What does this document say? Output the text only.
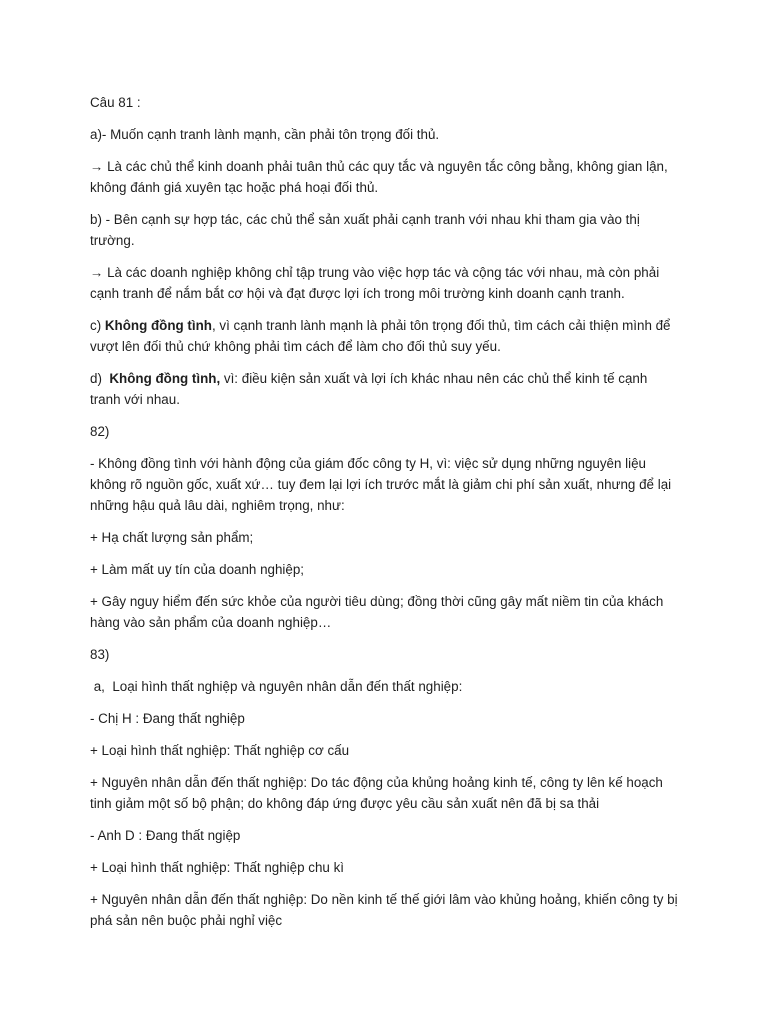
Câu 81 :

a)- Muốn cạnh tranh lành mạnh, cần phải tôn trọng đối thủ.

→ Là các chủ thể kinh doanh phải tuân thủ các quy tắc và nguyên tắc công bằng, không gian lận, không đánh giá xuyên tạc hoặc phá hoại đối thủ.

b) - Bên cạnh sự hợp tác, các chủ thể sản xuất phải cạnh tranh với nhau khi tham gia vào thị trường.

→ Là các doanh nghiệp không chỉ tập trung vào việc hợp tác và cộng tác với nhau, mà còn phải cạnh tranh để nắm bắt cơ hội và đạt được lợi ích trong môi trường kinh doanh cạnh tranh.

c) Không đồng tình, vì cạnh tranh lành mạnh là phải tôn trọng đối thủ, tìm cách cải thiện mình để vượt lên đối thủ chứ không phải tìm cách để làm cho đối thủ suy yếu.

d)  Không đồng tình, vì: điều kiện sản xuất và lợi ích khác nhau nên các chủ thể kinh tế cạnh tranh với nhau.

82)

- Không đồng tình với hành động của giám đốc công ty H, vì: việc sử dụng những nguyên liệu không rõ nguồn gốc, xuất xứ… tuy đem lại lợi ích trước mắt là giảm chi phí sản xuất, nhưng để lại những hậu quả lâu dài, nghiêm trọng, như:

+ Hạ chất lượng sản phẩm;

+ Làm mất uy tín của doanh nghiệp;

+ Gây nguy hiểm đến sức khỏe của người tiêu dùng; đồng thời cũng gây mất niềm tin của khách hàng vào sản phẩm của doanh nghiệp…

83)

a,  Loại hình thất nghiệp và nguyên nhân dẫn đến thất nghiệp:

- Chị H : Đang thất nghiệp

+ Loại hình thất nghiệp: Thất nghiệp cơ cấu

+ Nguyên nhân dẫn đến thất nghiệp: Do tác động của khủng hoảng kinh tế, công ty lên kế hoạch tinh giảm một số bộ phận; do không đáp ứng được yêu cầu sản xuất nên đã bị sa thải

- Anh D : Đang thất ngiệp

+ Loại hình thất nghiệp: Thất nghiệp chu kì

+ Nguyên nhân dẫn đến thất nghiệp: Do nền kinh tế thế giới lâm vào khủng hoảng, khiến công ty bị phá sản nên buộc phải nghỉ việc
